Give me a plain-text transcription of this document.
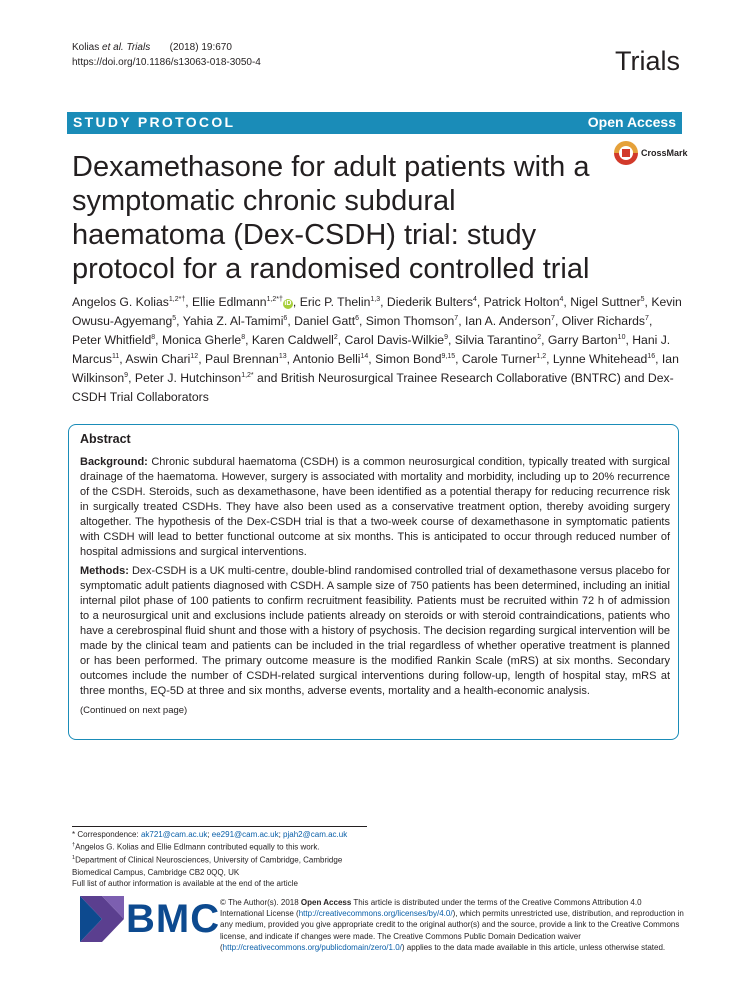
Kolias et al. Trials (2018) 19:670
https://doi.org/10.1186/s13063-018-3050-4	Trials
STUDY PROTOCOL	Open Access
Dexamethasone for adult patients with a symptomatic chronic subdural haematoma (Dex-CSDH) trial: study protocol for a randomised controlled trial
CrossMark
Angelos G. Kolias$^{1,2*\dagger}$, Ellie Edlmann$^{1,2*\dagger}$iD , Eric P. Thelin$^{1,3}$, Diederik Bulters$^4$, Patrick Holton$^4$, Nigel Suttner$^5$, Kevin Owusu-Agyemang$^5$, Yahia Z. Al-Tamimi$^6$, Daniel Gatt$^6$, Simon Thomson$^7$, Ian A. Anderson$^7$, Oliver Richards$^7$, Peter Whitfield$^8$, Monica Gherle$^8$, Karen Caldwell$^2$, Carol Davis-Wilkie$^9$, Silvia Tarantino$^2$, Garry Barton$^{10}$, Hani J. Marcus$^{11}$, Aswin Chari$^{12}$, Paul Brennan$^{13}$, Antonio Belli$^{14}$, Simon Bond$^{9,15}$, Carole Turner$^{1,2}$, Lynne Whitehead$^{16}$, Ian Wilkinson$^9$, Peter J. Hutchinson$^{1,2*}$ and British Neurosurgical Trainee Research Collaborative (BNTRC) and Dex-CSDH Trial Collaborators
Abstract

Background: Chronic subdural haematoma (CSDH) is a common neurosurgical condition, typically treated with surgical drainage of the haematoma. However, surgery is associated with mortality and morbidity, including up to 20% recurrence of the CSDH. Steroids, such as dexamethasone, have been identified as a potential therapy for reducing recurrence risk in surgically treated CSDHs. They have also been used as a conservative treatment option, thereby avoiding surgery altogether. The hypothesis of the Dex-CSDH trial is that a two-week course of dexamethasone in symptomatic patients with CSDH will lead to better functional outcome at six months. This is anticipated to occur through reduced number of hospital admissions and surgical interventions.

Methods: Dex-CSDH is a UK multi-centre, double-blind randomised controlled trial of dexamethasone versus placebo for symptomatic adult patients diagnosed with CSDH. A sample size of 750 patients has been determined, including an initial internal pilot phase of 100 patients to confirm recruitment feasibility. Patients must be recruited within 72 h of admission to a neurosurgical unit and exclusions include patients already on steroids or with steroid contraindications, patients who have a cerebrospinal fluid shunt and those with a history of psychosis. The decision regarding surgical intervention will be made by the clinical team and patients can be included in the trial regardless of whether operative treatment is planned or has been performed. The primary outcome measure is the modified Rankin Scale (mRS) at six months. Secondary outcomes include the number of CSDH-related surgical interventions during follow-up, length of hospital stay, mRS at three months, EQ-5D at three and six months, adverse events, mortality and a health-economic analysis.

(Continued on next page)
* Correspondence: ak721@cam.ac.uk; ee291@cam.ac.uk; pjah2@cam.ac.uk
†Angelos G. Kolias and Ellie Edlmann contributed equally to this work.
$^1$Department of Clinical Neurosciences, University of Cambridge, Cambridge
Biomedical Campus, Cambridge CB2 0QQ, UK
Full list of author information is available at the end of the article
BMC © The Author(s). 2018 Open Access This article is distributed under the terms of the Creative Commons Attribution 4.0 International License (http://creativecommons.org/licenses/by/4.0/), which permits unrestricted use, distribution, and reproduction in any medium, provided you give appropriate credit to the original author(s) and the source, provide a link to the Creative Commons license, and indicate if changes were made. The Creative Commons Public Domain Dedication waiver (http://creativecommons.org/publicdomain/zero/1.0/) applies to the data made available in this article, unless otherwise stated.
